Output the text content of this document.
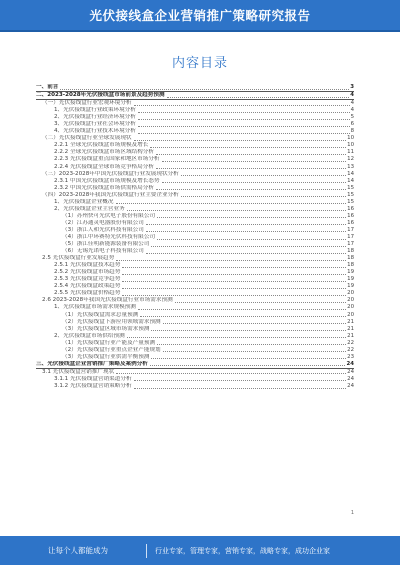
光伏接线盒企业营销推广策略研究报告
内容目录
一、前言	3
二、2023-2028年光伏接线盒市场前景及趋势预测	4
（一）光伏接线盒行业宏观环境分析	4
1、光伏接线盒行业政策环境分析	4
2、光伏接线盒行业经济环境分析	5
3、光伏接线盒行业社会环境分析	6
4、光伏接线盒行业技术环境分析	8
（二）光伏接线盒行业全球发展现状	10
2.2.1 全球光伏接线盒市场规模及增长	10
2.2.2 全球光伏接线盒市场区域结构分析	11
2.2.3 光伏接线盒重点国家和地区市场分析	12
2.2.4 光伏接线盒全球市场竞争格局分析	13
（三）2023-2028年中国光伏接线盒行业发展现状分析	14
2.3.1 中国光伏接线盒市场规模及增长态势	14
2.3.2 中国光伏接线盒市场供需格局分析	15
（四）2023-2028年我国光伏接线盒行业主要企业分析	15
1、光伏接线盒企业概况	15
2、光伏接线盒企业主营业务	16
（1）苏州快可光伏电子股份有限公司	16
（2）江苏通灵电器股份有限公司	16
（3）浙江人和光伏科技有限公司	17
（4）浙江中环赛特光伏科技有限公司	17
（5）浙江佳明新能源装备有限公司	17
（6）无锡光诺电子科技有限公司	18
2.5 光伏接线盒行业发展趋势	18
2.5.1 光伏接线盒技术趋势	18
2.5.2 光伏接线盒市场趋势	19
2.5.3 光伏接线盒竞争趋势	19
2.5.4 光伏接线盒政策趋势	19
2.5.5 光伏接线盒价格趋势	20
2.6 2023-2028年我国光伏接线盒行业市场需求预测	20
1、光伏接线盒市场需求规模预测	20
（1）光伏接线盒需求总量预测	20
（2）光伏接线盒下游应用领域需求预测	21
（3）光伏接线盒区域市场需求预测	21
2、光伏接线盒市场供给预测	21
（1）光伏接线盒行业产能及产量预测	22
（2）光伏接线盒行业重点企业产能规划	22
（3）光伏接线盒行业供需平衡预测	23
三、光伏接线盒企业营销推广策略及案例分析	24
3.1 光伏接线盒营销推广现状	24
3.1.1 光伏接线盒营销渠道分析	24
3.1.2 光伏接线盒营销策略分析	24
1
让每个人都能成为	行业专家，管理专家，营销专家，战略专家，成功企业家
